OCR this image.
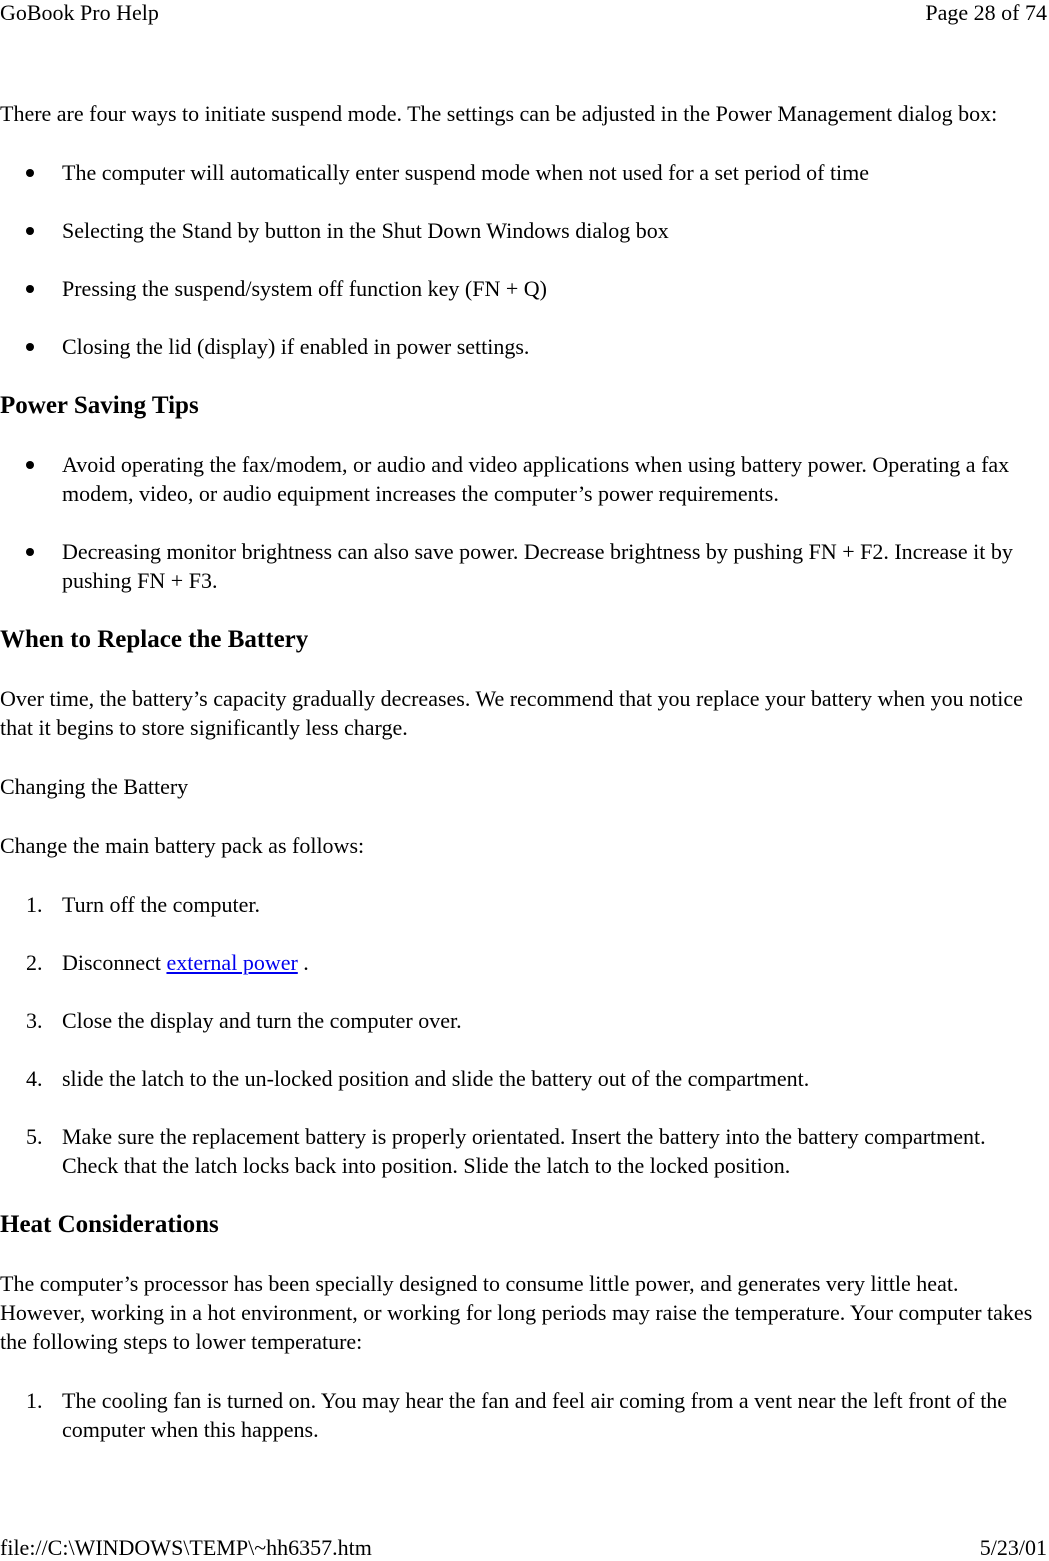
GoBook Pro Help	Page 28 of 74

There are four ways to initiate suspend mode. The settings can be adjusted in the Power Management dialog box:

The computer will automatically enter suspend mode when not used for a set period of time
Selecting the Stand by button in the Shut Down Windows dialog box
Pressing the suspend/system off function key (FN + Q)
Closing the lid (display) if enabled in power settings.
Power Saving Tips
Avoid operating the fax/modem, or audio and video applications when using battery power. Operating a fax modem, video, or audio equipment increases the computer’s power requirements.
Decreasing monitor brightness can also save power. Decrease brightness by pushing FN + F2. Increase it by pushing FN + F3.
When to Replace the Battery

Over time, the battery’s capacity gradually decreases. We recommend that you replace your battery when you notice that it begins to store significantly less charge.

Changing the Battery

Change the main battery pack as follows:

1. Turn off the computer.
2. Disconnect external power .
3. Close the display and turn the computer over.
4. slide the latch to the un-locked position and slide the battery out of the compartment.
5. Make sure the replacement battery is properly orientated. Insert the battery into the battery compartment. Check that the latch locks back into position. Slide the latch to the locked position.
Heat Considerations

The computer’s processor has been specially designed to consume little power, and generates very little heat. However, working in a hot environment, or working for long periods may raise the temperature. Your computer takes the following steps to lower temperature:

1. The cooling fan is turned on. You may hear the fan and feel air coming from a vent near the left front of the computer when this happens.
file://C:\WINDOWS\TEMP\~hh6357.htm	5/23/01
